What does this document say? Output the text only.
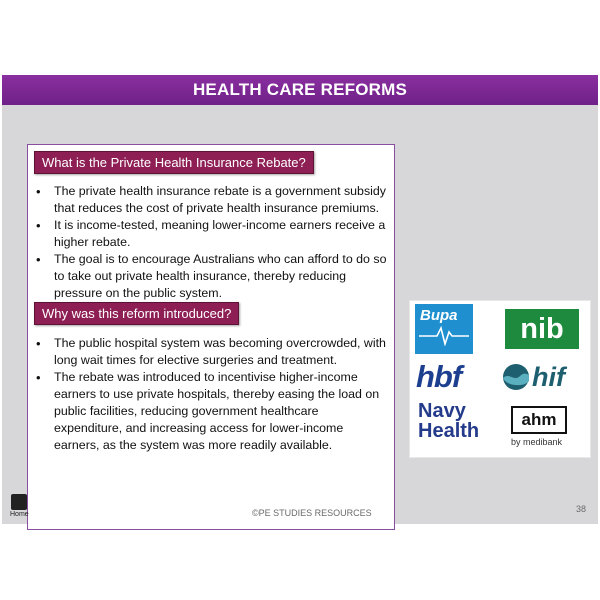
HEALTH CARE REFORMS
What is the Private Health Insurance Rebate?
• The private health insurance rebate is a government subsidy that reduces the cost of private health insurance premiums.
• It is income-tested, meaning lower-income earners receive a higher rebate.
• The goal is to encourage Australians who can afford to do so to take out private health insurance, thereby reducing pressure on the public system.
Why was this reform introduced?
• The public hospital system was becoming overcrowded, with long wait times for elective surgeries and treatment.
• The rebate was introduced to incentivise higher-income earners to use private hospitals, thereby easing the load on public facilities, reducing government healthcare expenditure, and increasing access for lower-income earners, as the system was more readily available.
Bupa	nib
hbf	hif
Navy
Health
ahm
by medibank
Home	©PE STUDIES RESOURCES	38
